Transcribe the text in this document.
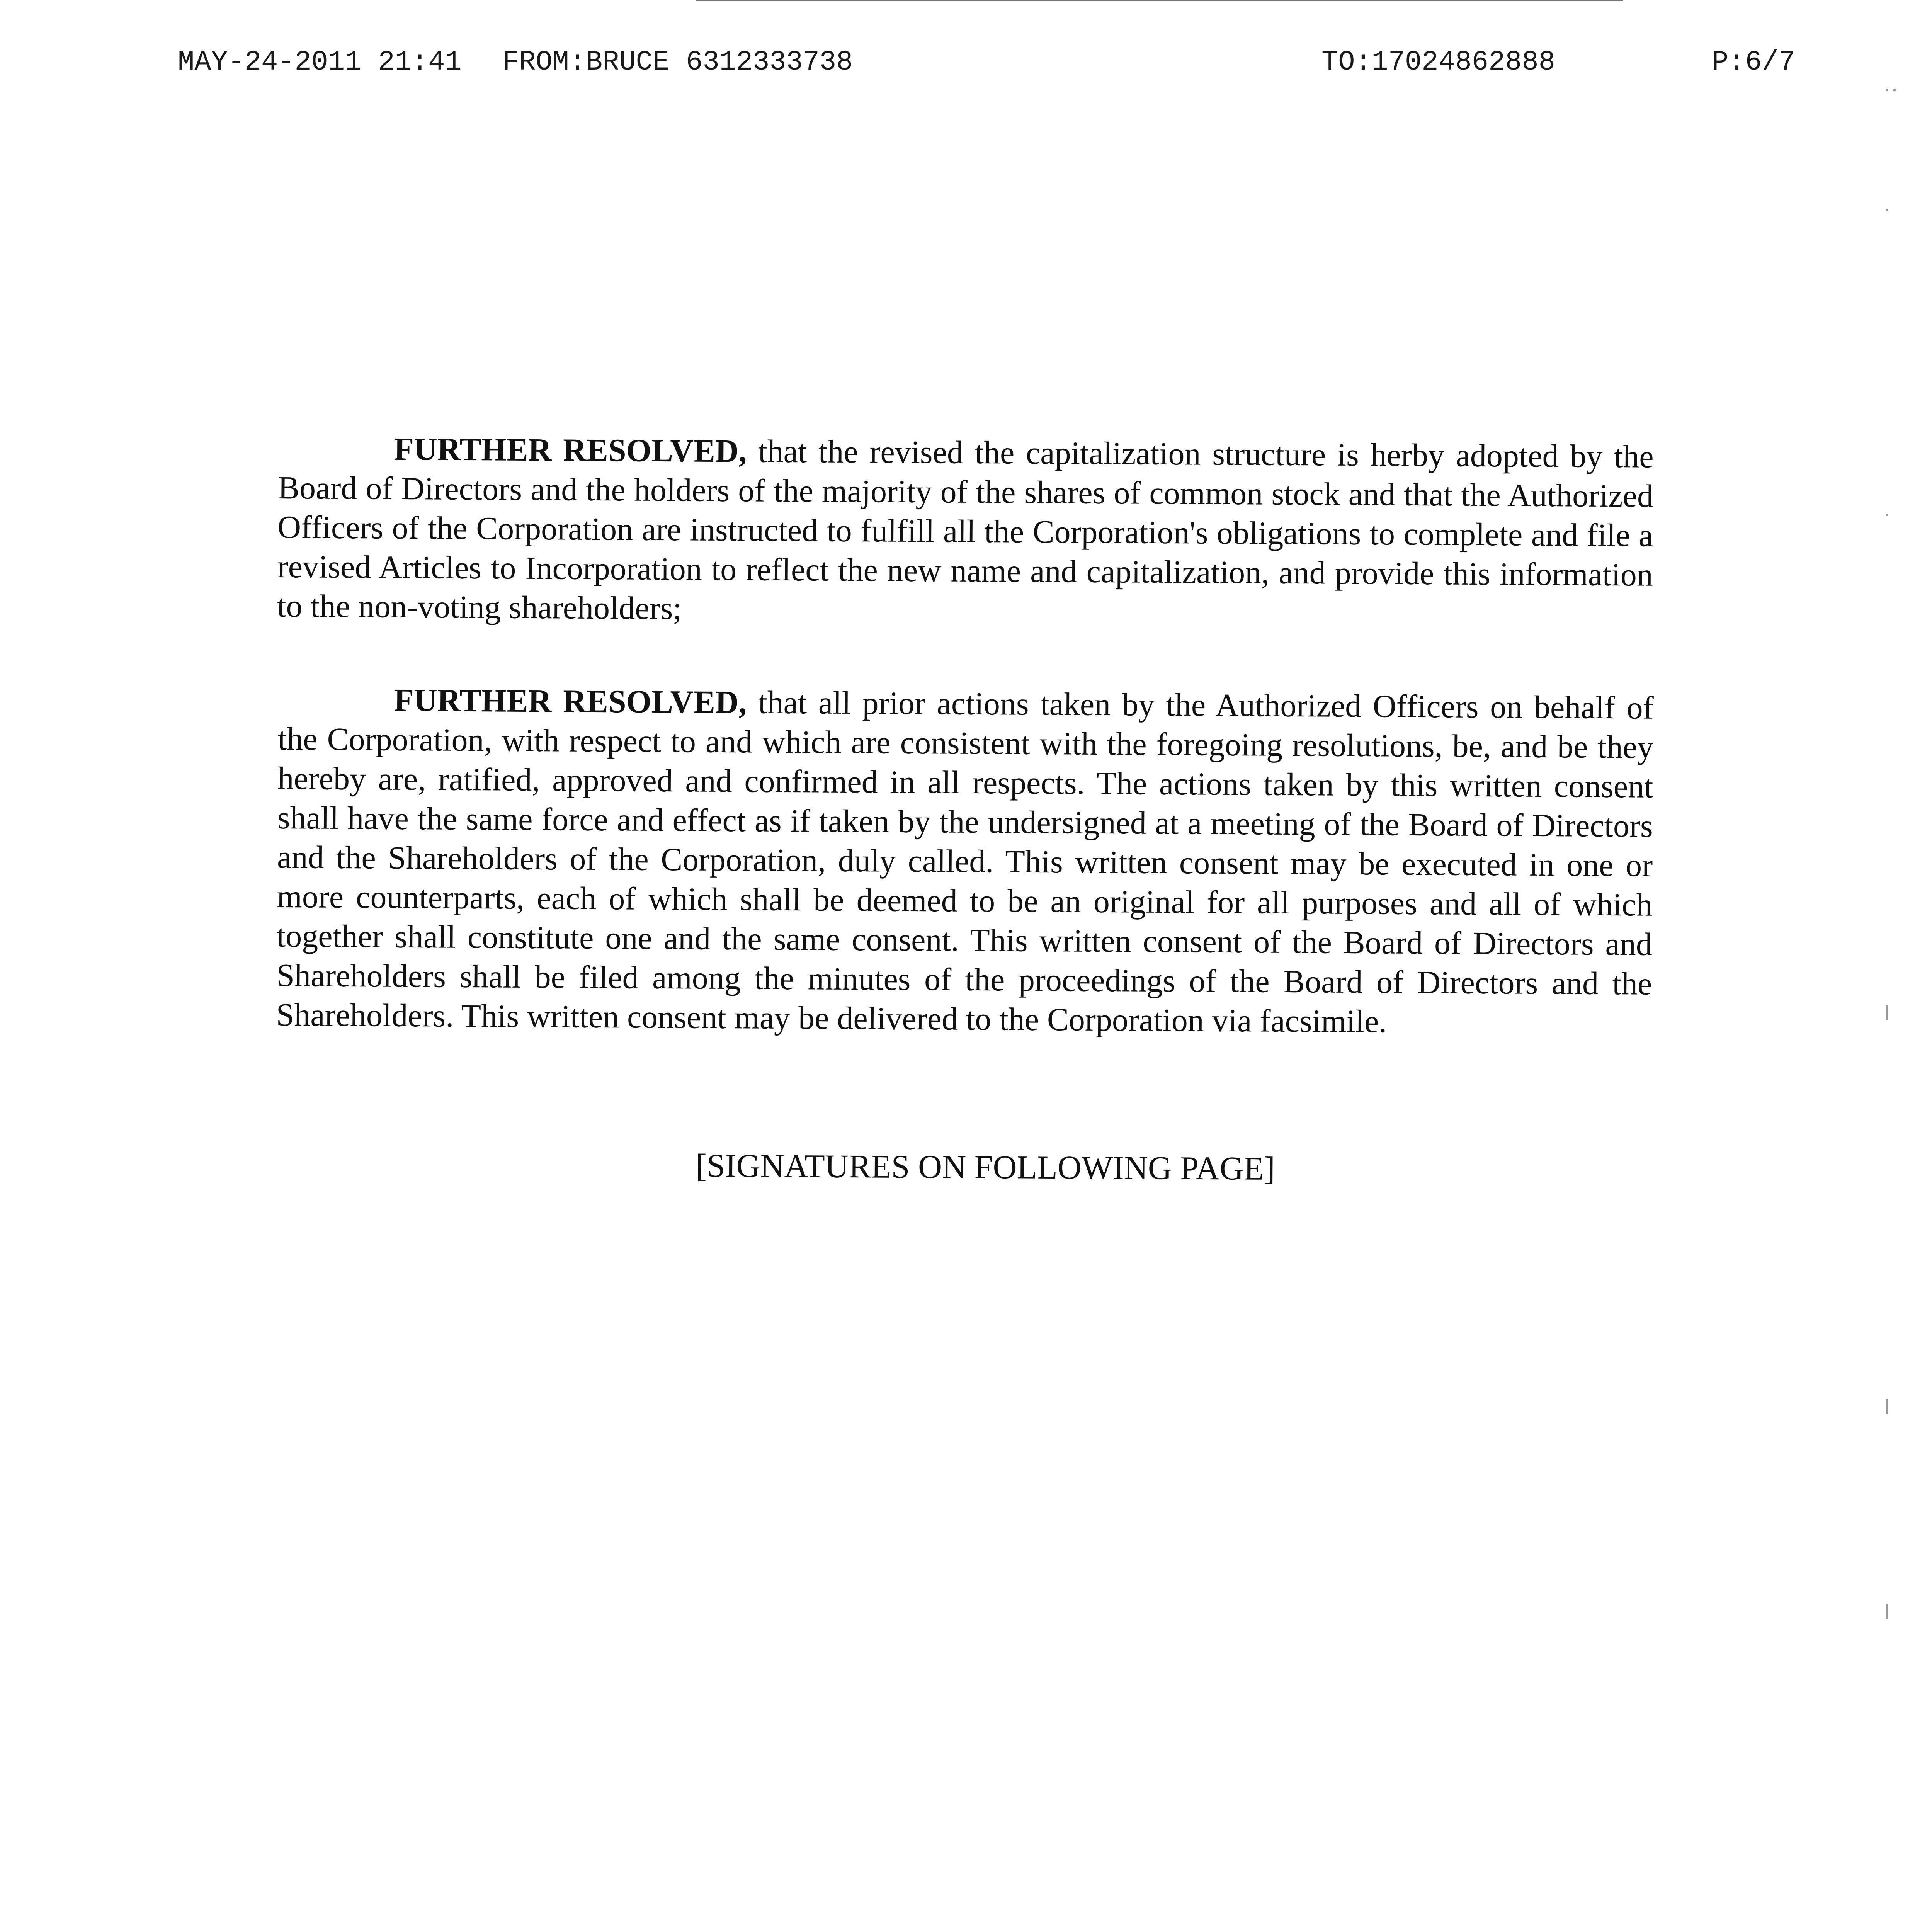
MAY-24-2011 21:41 FROM:BRUCE 6312333738	TO:17024862888	P:6/7
FURTHER RESOLVED, that the revised the capitalization structure is herby adopted by the Board of Directors and the holders of the majority of the shares of common stock and that the Authorized Officers of the Corporation are instructed to fulfill all the Corporation's obligations to complete and file a revised Articles to Incorporation to reflect the new name and capitalization, and provide this information to the non-voting shareholders;
FURTHER RESOLVED, that all prior actions taken by the Authorized Officers on behalf of the Corporation, with respect to and which are consistent with the foregoing resolutions, be, and be they hereby are, ratified, approved and confirmed in all respects. The actions taken by this written consent shall have the same force and effect as if taken by the undersigned at a meeting of the Board of Directors and the Shareholders of the Corporation, duly called. This written consent may be executed in one or more counterparts, each of which shall be deemed to be an original for all purposes and all of which together shall constitute one and the same consent. This written consent of the Board of Directors and Shareholders shall be filed among the minutes of the proceedings of the Board of Directors and the Shareholders. This written consent may be delivered to the Corporation via facsimile.
[SIGNATURES ON FOLLOWING PAGE]
